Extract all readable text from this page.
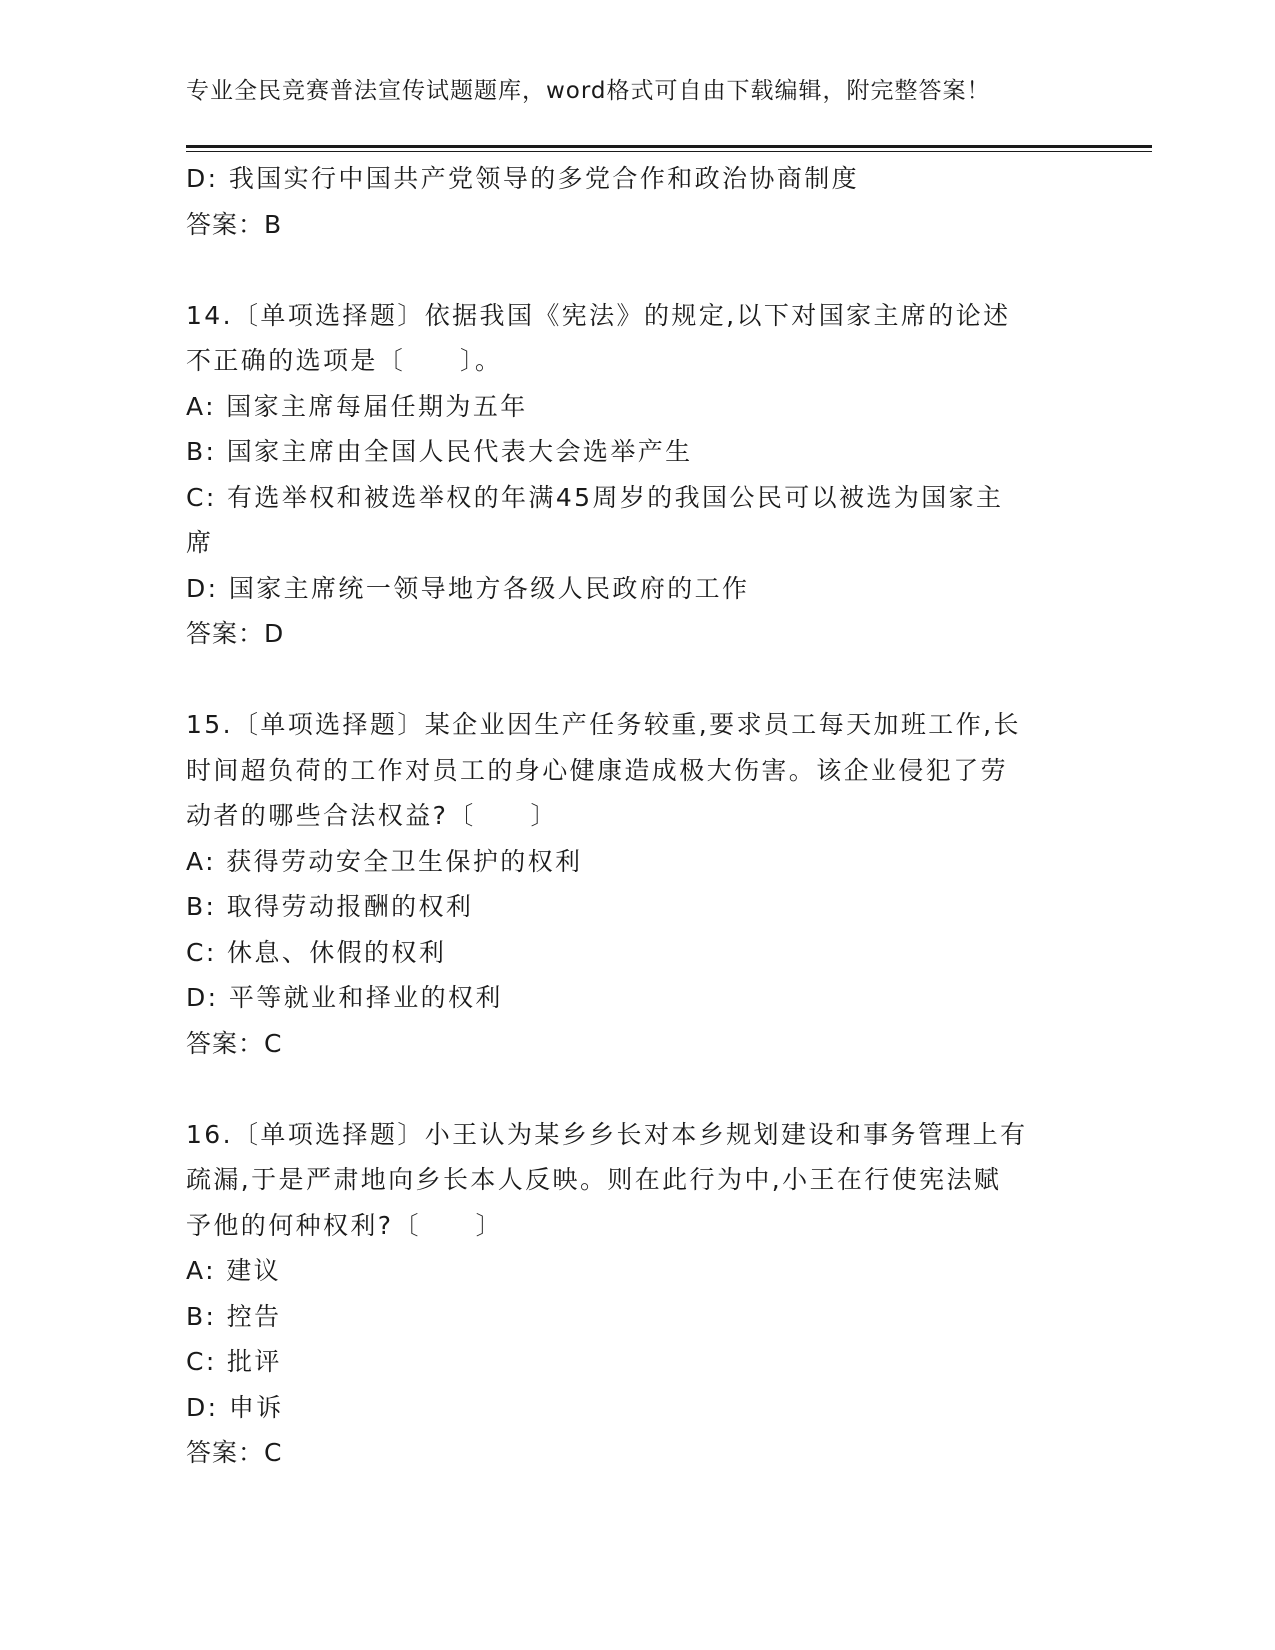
专业全民竞赛普法宣传试题题库，word格式可自由下载编辑，附完整答案！

D: 我国实行中国共产党领导的多党合作和政治协商制度

答案：B

14.〔单项选择题〕依据我国《宪法》的规定,以下对国家主席的论述

不正确的选项是〔　　〕。

A: 国家主席每届任期为五年

B: 国家主席由全国人民代表大会选举产生

C: 有选举权和被选举权的年满45周岁的我国公民可以被选为国家主

席

D: 国家主席统一领导地方各级人民政府的工作

答案：D

15.〔单项选择题〕某企业因生产任务较重,要求员工每天加班工作,长

时间超负荷的工作对员工的身心健康造成极大伤害。该企业侵犯了劳

动者的哪些合法权益?〔　　〕

A: 获得劳动安全卫生保护的权利

B: 取得劳动报酬的权利

C: 休息、休假的权利

D: 平等就业和择业的权利

答案：C

16.〔单项选择题〕小王认为某乡乡长对本乡规划建设和事务管理上有

疏漏,于是严肃地向乡长本人反映。则在此行为中,小王在行使宪法赋

予他的何种权利?〔　　〕

A: 建议

B: 控告

C: 批评

D: 申诉

答案：C
